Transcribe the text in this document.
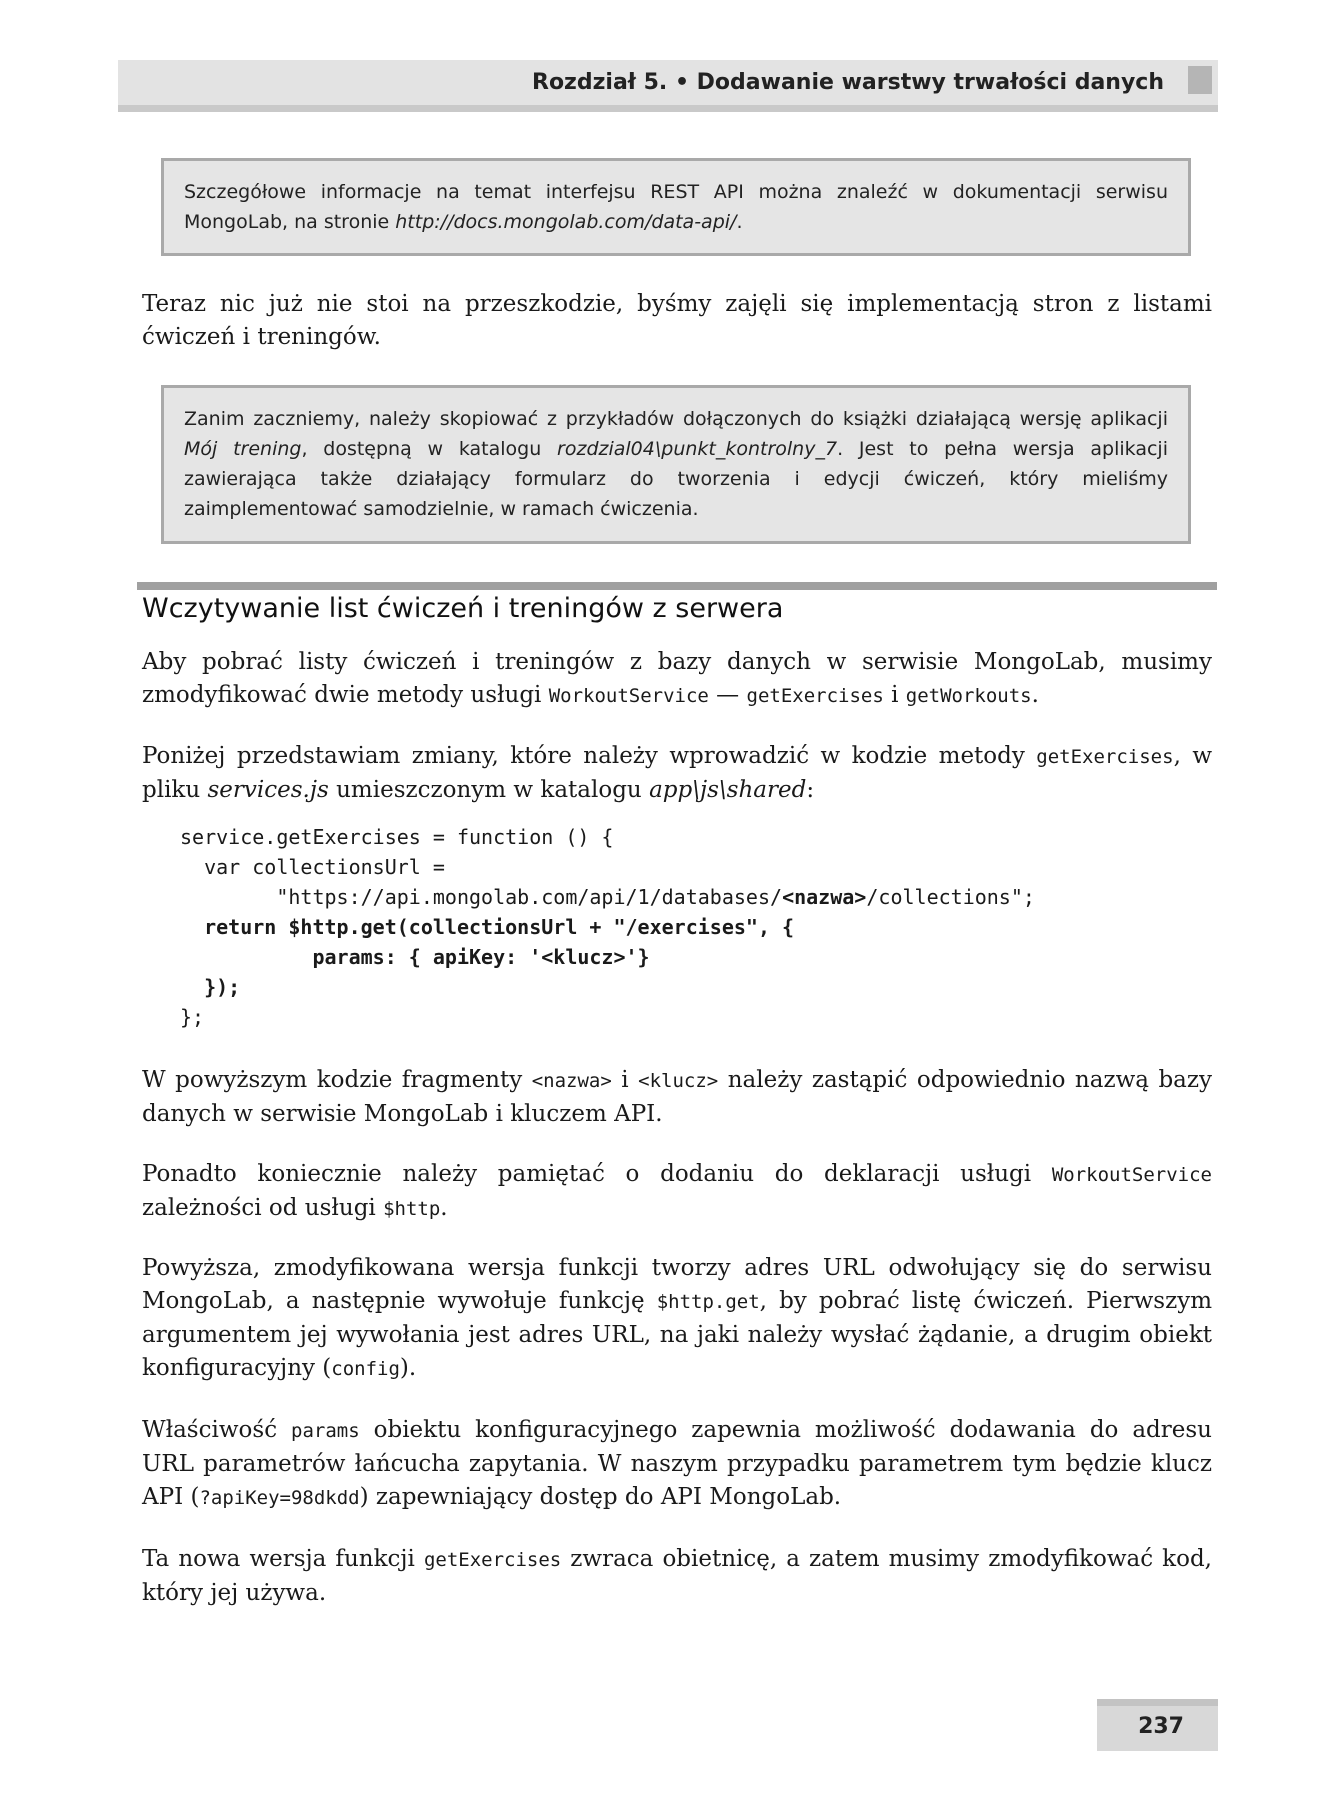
Rozdział 5. • Dodawanie warstwy trwałości danych
Szczegółowe informacje na temat interfejsu REST API można znaleźć w dokumentacji serwisu MongoLab, na stronie http://docs.mongolab.com/data-api/.
Teraz nic już nie stoi na przeszkodzie, byśmy zajęli się implementacją stron z listami ćwiczeń i treningów.
Zanim zaczniemy, należy skopiować z przykładów dołączonych do książki działającą wersję aplikacji Mój trening, dostępną w katalogu rozdzial04\punkt_kontrolny_7. Jest to pełna wersja aplikacji zawierająca także działający formularz do tworzenia i edycji ćwiczeń, który mieliśmy zaimplementować samodzielnie, w ramach ćwiczenia.
Wczytywanie list ćwiczeń i treningów z serwera
Aby pobrać listy ćwiczeń i treningów z bazy danych w serwisie MongoLab, musimy zmodyfikować dwie metody usługi WorkoutService — getExercises i getWorkouts.
Poniżej przedstawiam zmiany, które należy wprowadzić w kodzie metody getExercises, w pliku services.js umieszczonym w katalogu app\js\shared:
service.getExercises = function () {
var collectionsUrl =
"https://api.mongolab.com/api/1/databases/<nazwa>/collections";
return $http.get(collectionsUrl + "/exercises", {
params: { apiKey: '<klucz>'}
});
};
W powyższym kodzie fragmenty <nazwa> i <klucz> należy zastąpić odpowiednio nazwą bazy danych w serwisie MongoLab i kluczem API.
Ponadto koniecznie należy pamiętać o dodaniu do deklaracji usługi WorkoutService zależności od usługi $http.
Powyższa, zmodyfikowana wersja funkcji tworzy adres URL odwołujący się do serwisu MongoLab, a następnie wywołuje funkcję $http.get, by pobrać listę ćwiczeń. Pierwszym argumentem jej wywołania jest adres URL, na jaki należy wysłać żądanie, a drugim obiekt konfiguracyjny (config).
Właściwość params obiektu konfiguracyjnego zapewnia możliwość dodawania do adresu URL parametrów łańcucha zapytania. W naszym przypadku parametrem tym będzie klucz API (?apiKey=98dkdd) zapewniający dostęp do API MongoLab.
Ta nowa wersja funkcji getExercises zwraca obietnicę, a zatem musimy zmodyfikować kod, który jej używa.
237
